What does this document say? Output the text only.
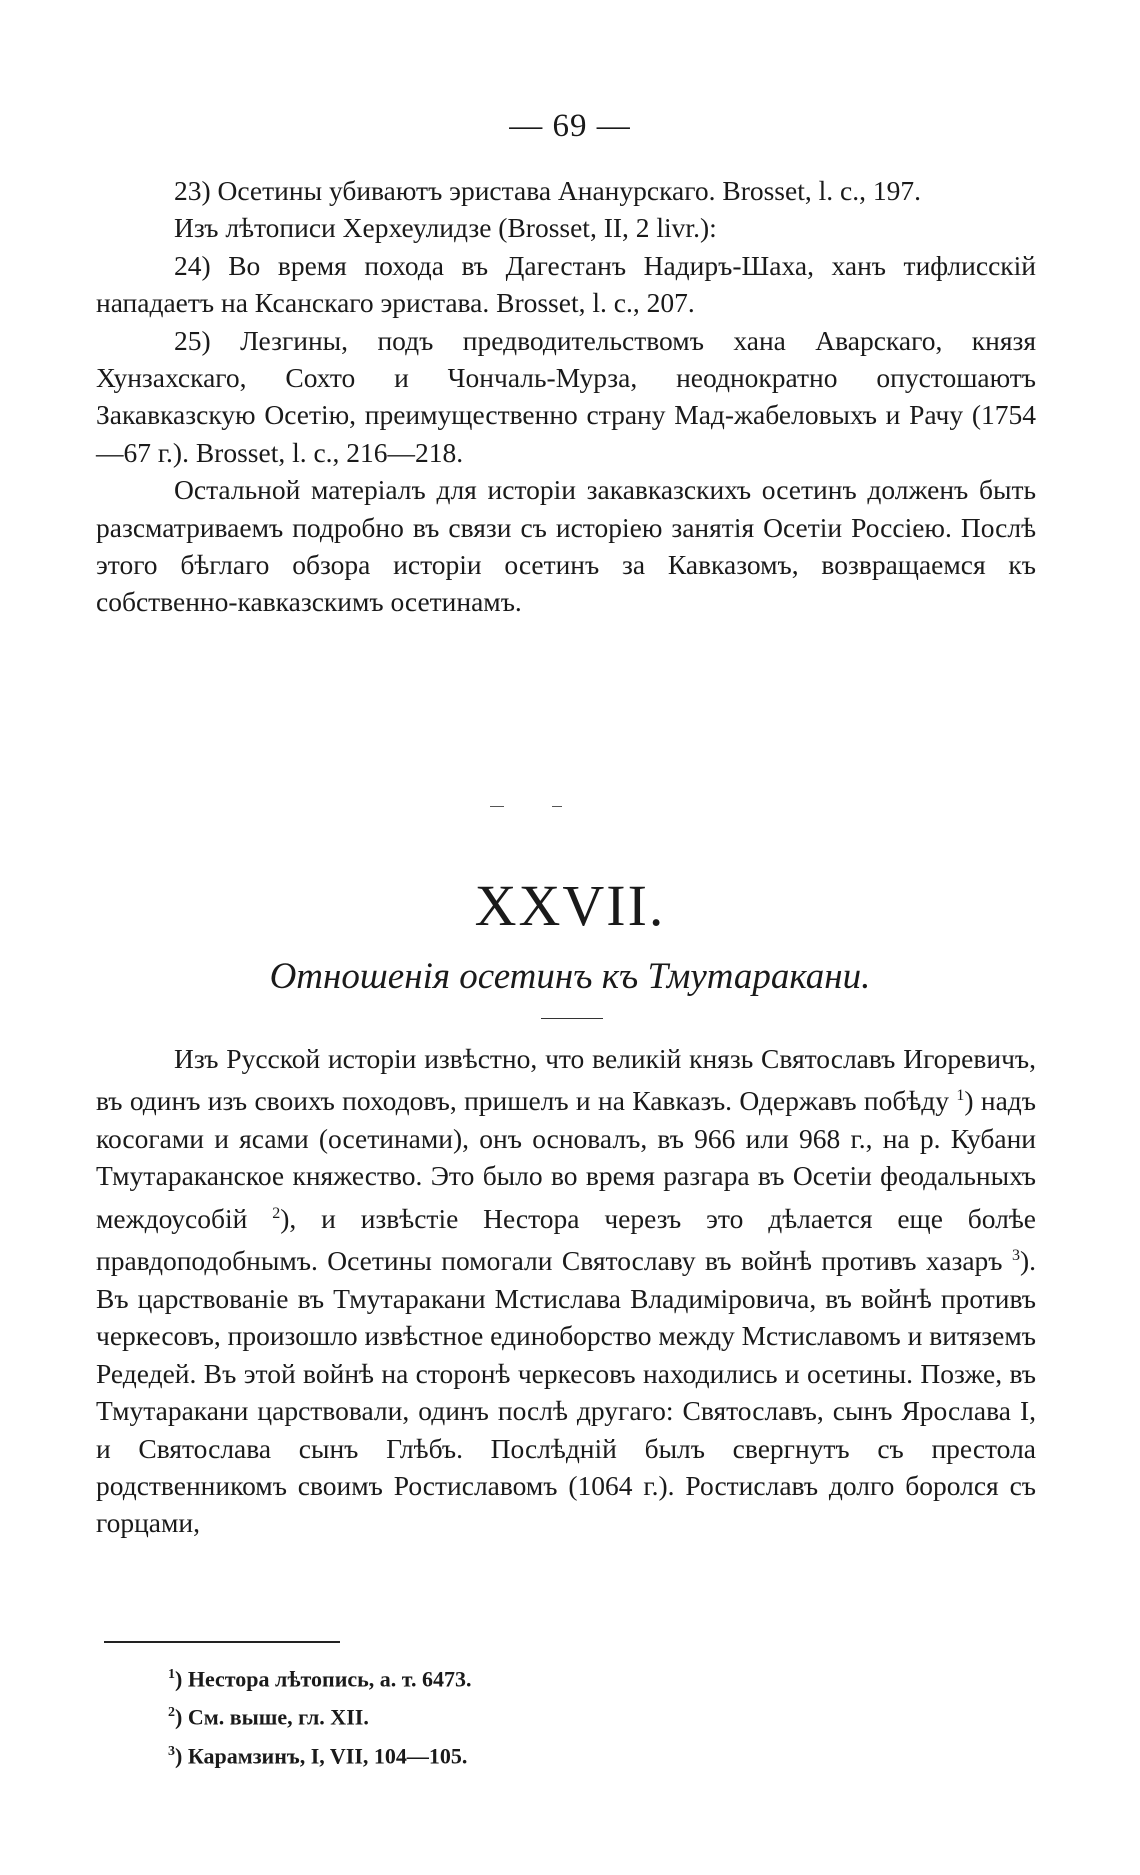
— 69 —

23) Осетины убиваютъ эристава Ананурскаго. Brosset, l. c., 197.

Изъ лѣтописи Херхеулидзе (Brosset, II, 2 livr.):

24) Во время похода въ Дагестанъ Надиръ-Шаха, ханъ тифлисскій нападаетъ на Ксанскаго эристава. Brosset, l. c., 207.

25) Лезгины, подъ предводительствомъ хана Аварскаго, князя Хунзахскаго, Сохто и Чончаль-Мурза, неоднократно опустошаютъ Закавказскую Осетію, преимущественно страну Мад-жабеловыхъ и Рачу (1754—67 г.). Brosset, l. c., 216—218.

Остальной матеріалъ для исторіи закавказскихъ осетинъ долженъ быть разсматриваемъ подробно въ связи съ исторіею занятія Осетіи Россіею. Послѣ этого бѣглаго обзора исторіи осетинъ за Кавказомъ, возвращаемся къ собственно-кавказскимъ осетинамъ.

XXVII.
Отношенія осетинъ къ Тмутаракани.

Изъ Русской исторіи извѣстно, что великій князь Святославъ Игоревичъ, въ одинъ изъ своихъ походовъ, пришелъ и на Кавказъ. Одержавъ побѣду $^1$) надъ косогами и ясами (осетинами), онъ основалъ, въ 966 или 968 г., на р. Кубани Тмутараканское княжество. Это было во время разгара въ Осетіи феодальныхъ междоусобій $^2$), и извѣстіе Нестора черезъ это дѣлается еще болѣе правдоподобнымъ. Осетины помогали Святославу въ войнѣ противъ хазаръ $^3$). Въ царствованіе въ Тмутаракани Мстислава Владиміровича, въ войнѣ противъ черкесовъ, произошло извѣстное единоборство между Мстиславомъ и витяземъ Редедей. Въ этой войнѣ на сторонѣ черкесовъ находились и осетины. Позже, въ Тмутаракани царствовали, одинъ послѣ другаго: Святославъ, сынъ Ярослава I, и Святослава сынъ Глѣбъ. Послѣдній былъ свергнутъ съ престола родственникомъ своимъ Ростиславомъ (1064 г.). Ростиславъ долго боролся съ горцами,

$^1$) Нестора лѣтопись, а. т. 6473.

$^2$) См. выше, гл. XII.

$^3$) Карамзинъ, I, VII, 104—105.
